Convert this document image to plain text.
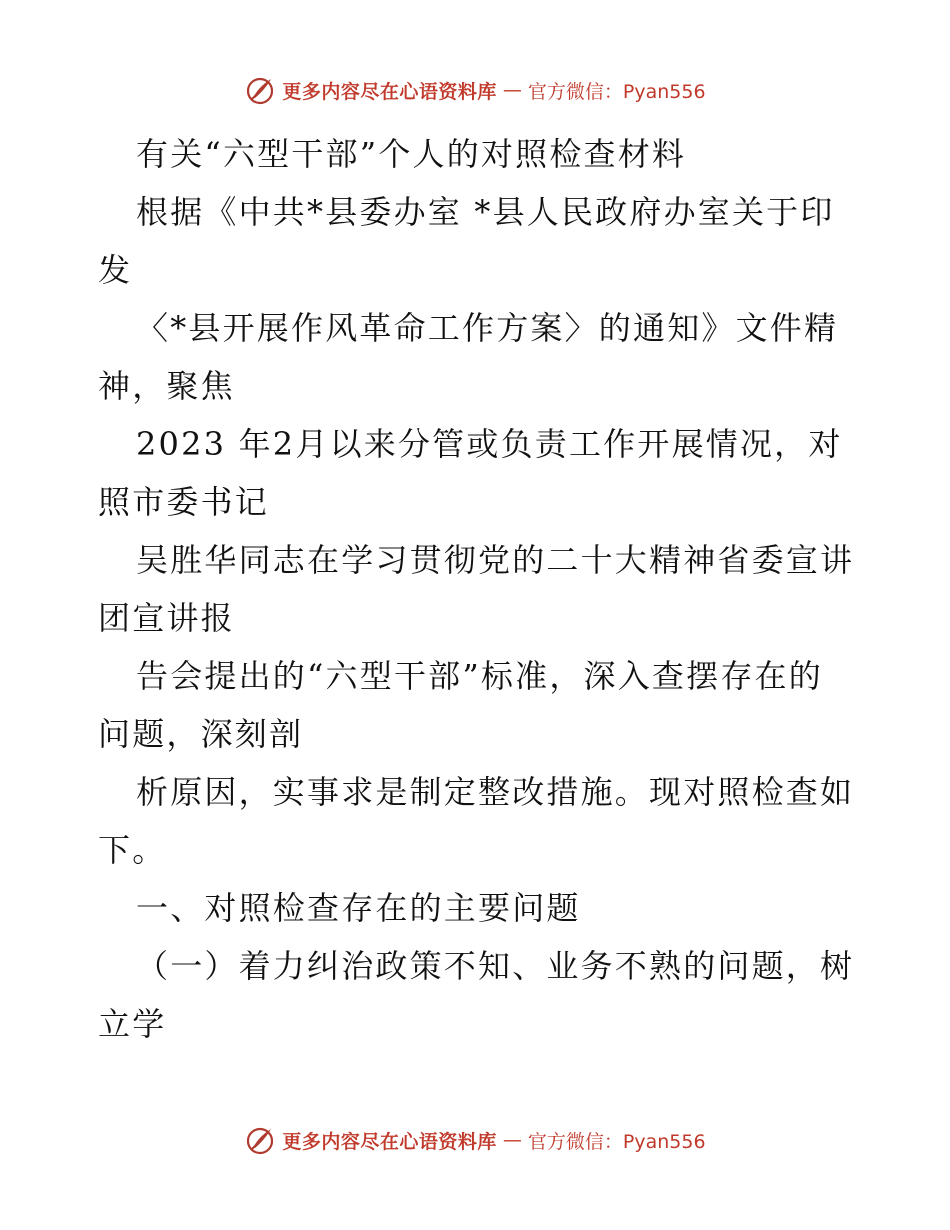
更多内容尽在心语资料库 — 官方微信：Pyan556
有关“六型干部”个人的对照检查材料
根据《中共*县委办室 *县人民政府办室关于印
发
〈*县开展作风革命工作方案〉的通知》文件精
神，聚焦
2023 年2月以来分管或负责工作开展情况，对
照市委书记
吴胜华同志在学习贯彻党的二十大精神省委宣讲
团宣讲报
告会提出的“六型干部”标准，深入查摆存在的
问题，深刻剖
析原因，实事求是制定整改措施。现对照检查如
下。
一、对照检查存在的主要问题
（一）着力纠治政策不知、业务不熟的问题，树
立学
更多内容尽在心语资料库 — 官方微信：Pyan556
